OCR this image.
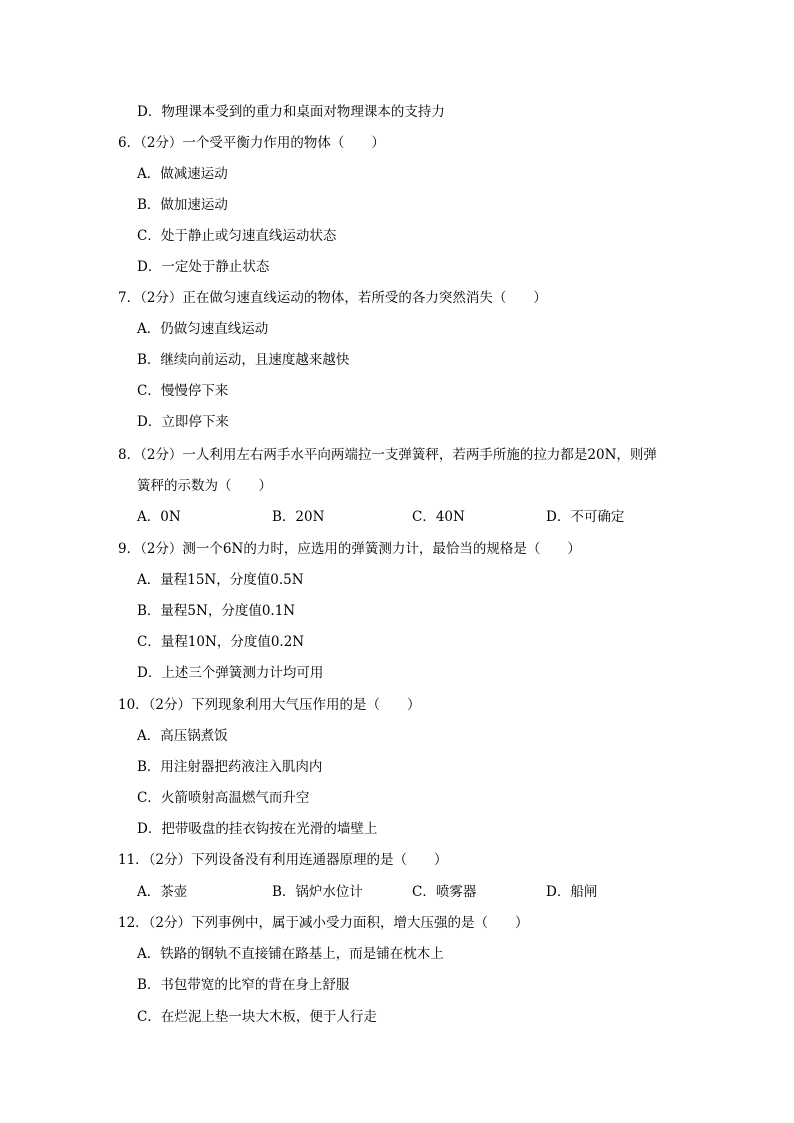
D．物理课本受到的重力和桌面对物理课本的支持力
6．（2分）一个受平衡力作用的物体（　　）
A．做减速运动
B．做加速运动
C．处于静止或匀速直线运动状态
D．一定处于静止状态
7．（2分）正在做匀速直线运动的物体，若所受的各力突然消失（　　）
A．仍做匀速直线运动
B．继续向前运动，且速度越来越快
C．慢慢停下来
D．立即停下来
8．（2分）一人利用左右两手水平向两端拉一支弹簧秤，若两手所施的拉力都是20N，则弹
簧秤的示数为（　　）
A．0N	B．20N	C．40N	D．不可确定
9．（2分）测一个6N的力时，应选用的弹簧测力计，最恰当的规格是（　　）
A．量程15N，分度值0.5N
B．量程5N，分度值0.1N
C．量程10N，分度值0.2N
D．上述三个弹簧测力计均可用
10．（2分）下列现象利用大气压作用的是（　　）
A．高压锅煮饭
B．用注射器把药液注入肌肉内
C．火箭喷射高温燃气而升空
D．把带吸盘的挂衣钩按在光滑的墙壁上
11．（2分）下列设备没有利用连通器原理的是（　　）
A．茶壶	B．锅炉水位计	C．喷雾器	D．船闸
12．（2分）下列事例中，属于减小受力面积，增大压强的是（　　）
A．铁路的钢轨不直接铺在路基上，而是铺在枕木上
B．书包带宽的比窄的背在身上舒服
C．在烂泥上垫一块大木板，便于人行走
